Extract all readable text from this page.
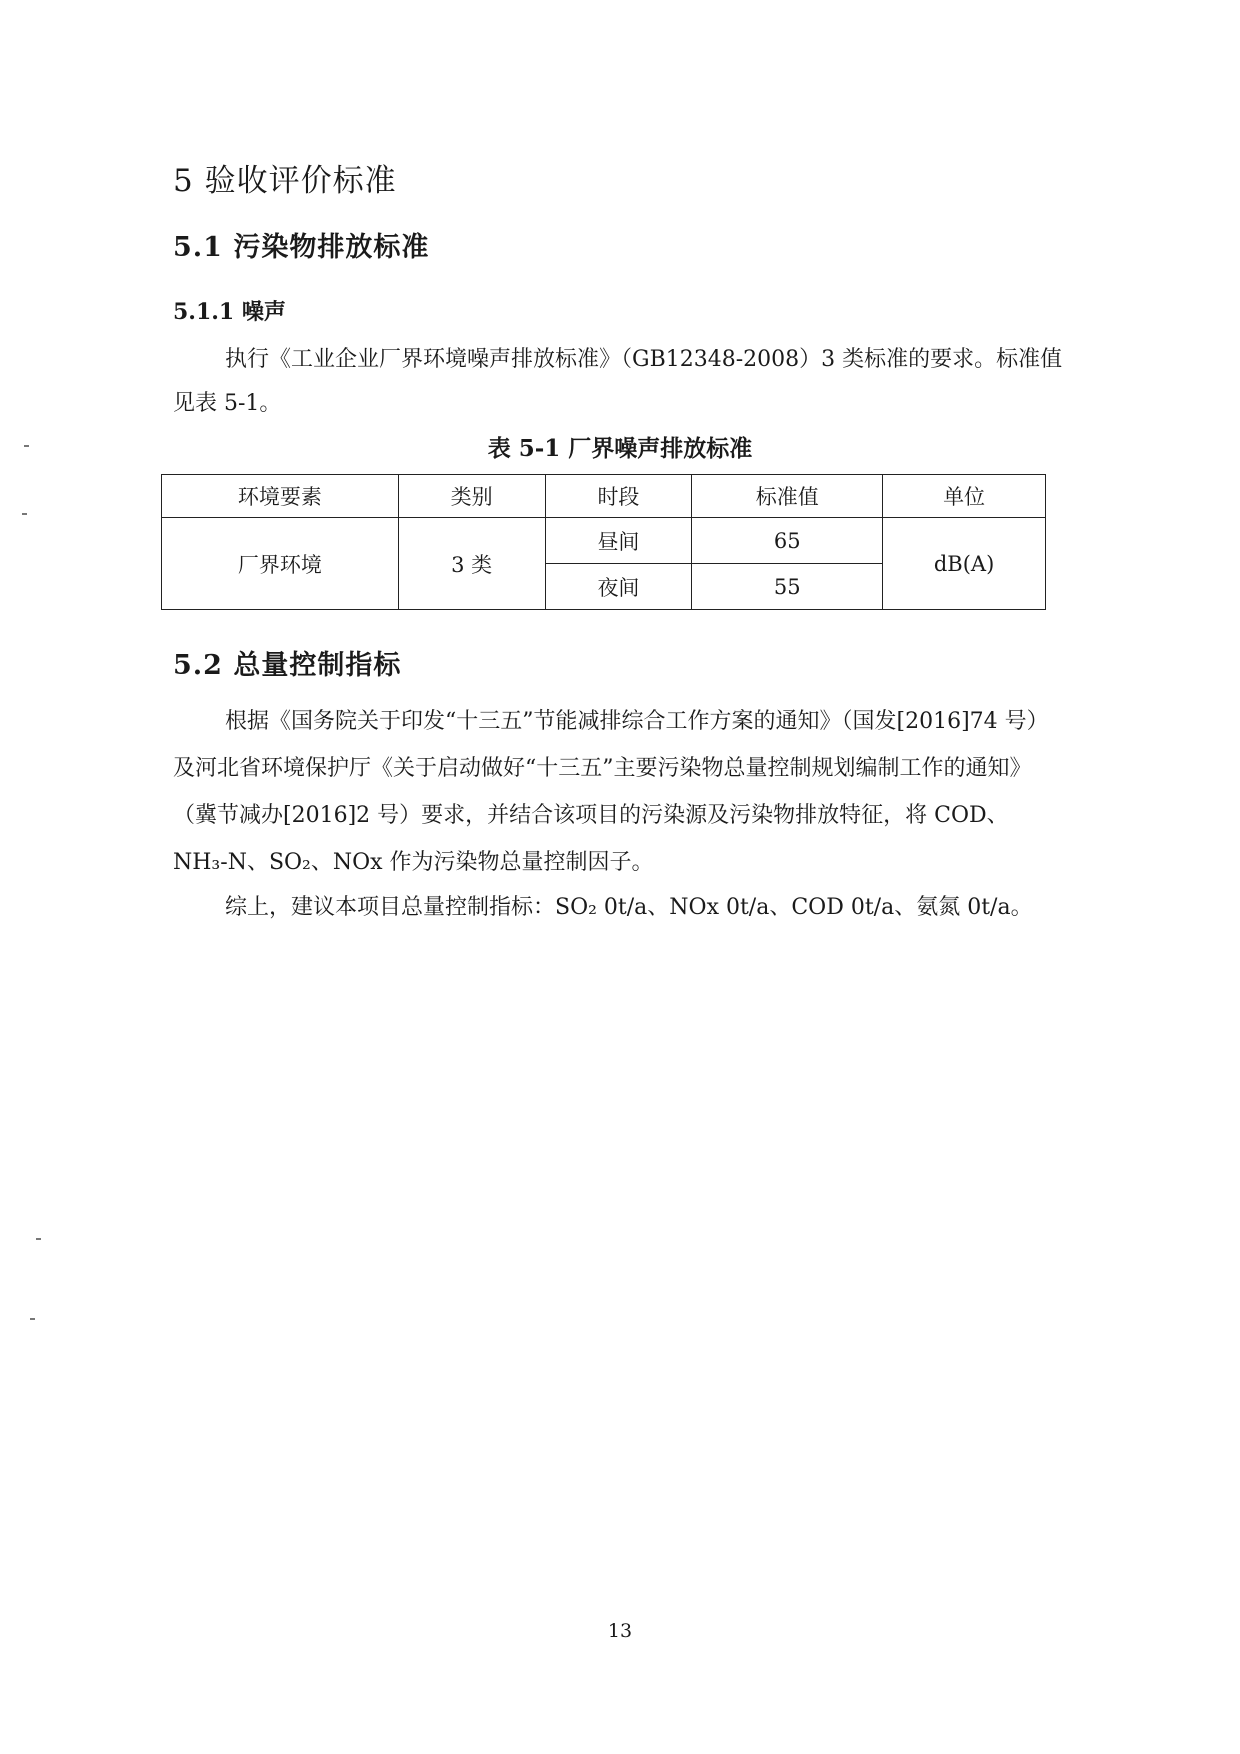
5 验收评价标准
5.1 污染物排放标准
5.1.1 噪声

执行《工业企业厂界环境噪声排放标准》（GB12348-2008）3 类标准的要求。标准值见表 5-1。

表 5-1 厂界噪声排放标准

环境要素	类别	时段	标准值	单位
厂界环境	3 类	昼间	65	dB(A)
		夜间	55	
5.2 总量控制指标

根据《国务院关于印发“十三五”节能减排综合工作方案的通知》（国发[2016]74 号）及河北省环境保护厅《关于启动做好“十三五”主要污染物总量控制规划编制工作的通知》（冀节减办[2016]2 号）要求，并结合该项目的污染源及污染物排放特征，将 COD、NH₃-N、SO₂、NOx 作为污染物总量控制因子。

综上，建议本项目总量控制指标：SO₂ 0t/a、NOx 0t/a、COD 0t/a、氨氮 0t/a。

13
